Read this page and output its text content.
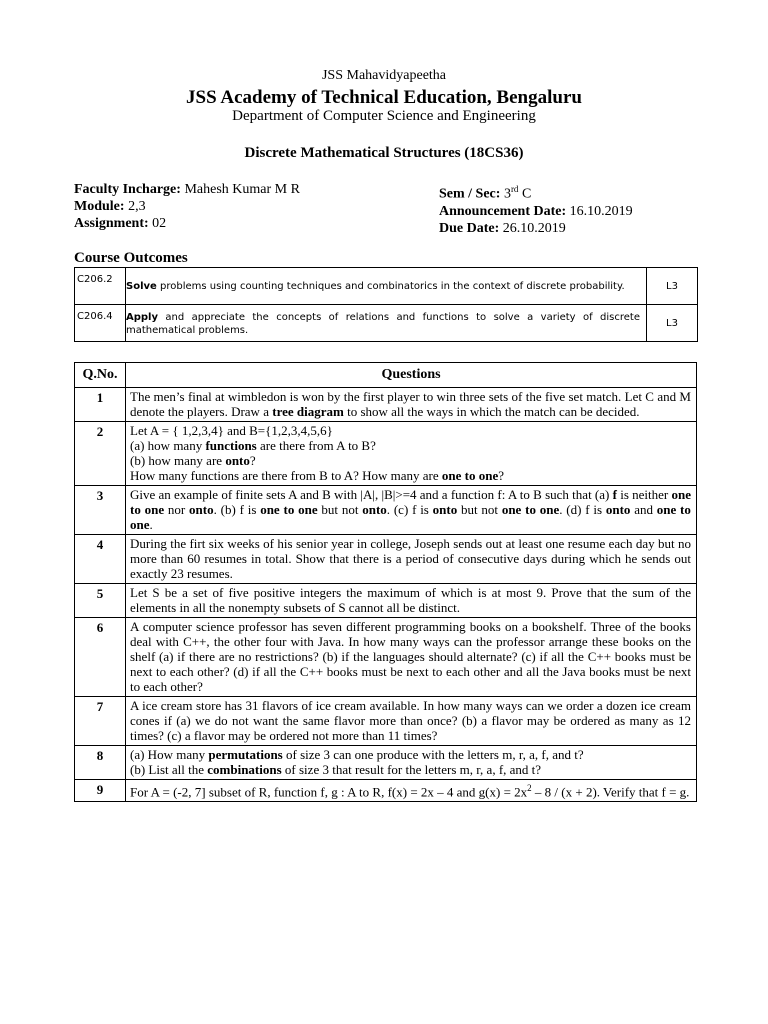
JSS Mahavidyapeetha
JSS Academy of Technical Education, Bengaluru
Department of Computer Science and Engineering
Discrete Mathematical Structures (18CS36)
Faculty Incharge: Mahesh Kumar M R
Module: 2,3
Assignment: 02
Sem / Sec: 3rd C
Announcement Date: 16.10.2019
Due Date: 26.10.2019
Course Outcomes
C206.2	Solve problems using counting techniques and combinatorics in the context of discrete probability.	L3
C206.4	Apply and appreciate the concepts of relations and functions to solve a variety of discrete mathematical problems.	L3
Q.No.	Questions
1	The men’s final at wimbledon is won by the first player to win three sets of the five set match. Let C and M denote the players. Draw a tree diagram to show all the ways in which the match can be decided.
2	Let A = { 1,2,3,4} and B={1,2,3,4,5,6}
(a) how many functions are there from A to B?
(b) how many are onto?
How many functions are there from B to A? How many are one to one?

3	Give an example of finite sets A and B with |A|, |B|>=4 and a function f: A to B such that (a) f is neither one to one nor onto. (b) f is one to one but not onto. (c) f is onto but not one to one. (d) f is onto and one to one.
4	During the firt six weeks of his senior year in college, Joseph sends out at least one resume each day but no more than 60 resumes in total. Show that there is a period of consecutive days during which he sends out exactly 23 resumes.
5	Let S be a set of five positive integers the maximum of which is at most 9. Prove that the sum of the elements in all the nonempty subsets of S cannot all be distinct.
6	A computer science professor has seven different programming books on a bookshelf. Three of the books deal with C++, the other four with Java. In how many ways can the professor arrange these books on the shelf (a) if there are no restrictions? (b) if the languages should alternate? (c) if all the C++ books must be next to each other? (d) if all the C++ books must be next to each other and all the Java books must be next to each other?
7	A ice cream store has 31 flavors of ice cream available. In how many ways can we order a dozen ice cream cones if (a) we do not want the same flavor more than once? (b) a flavor may be ordered as many as 12 times? (c) a flavor may be ordered not more than 11 times?
8	(a) How many permutations of size 3 can one produce with the letters m, r, a, f, and t?
(b) List all the combinations of size 3 that result for the letters m, r, a, f, and t?

9	For A = (-2, 7] subset of R, function f, g : A to R, f(x) = 2x – 4 and $g(x) = 2x^2 - 8 / (x + 2)$. Verify that f = g.
